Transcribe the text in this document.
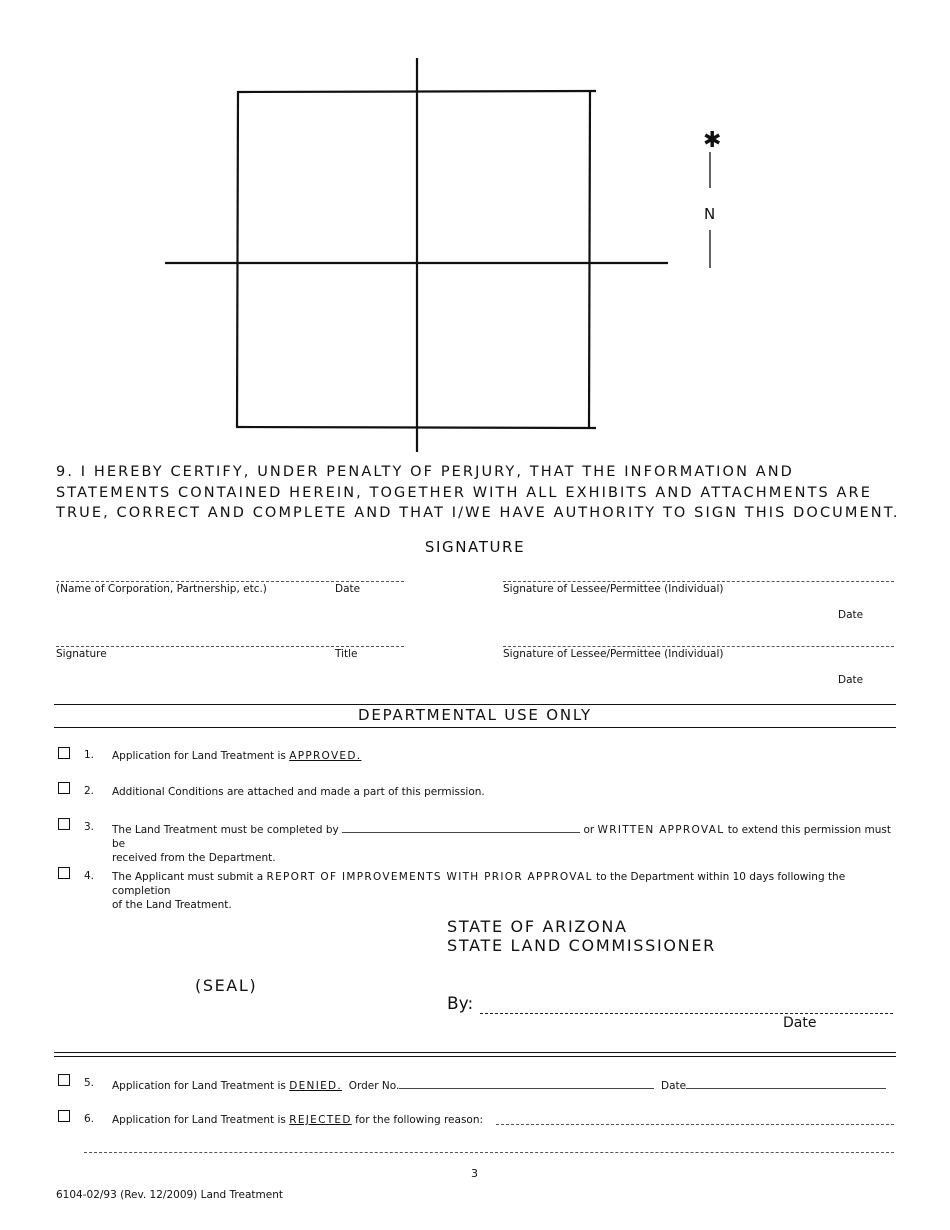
✱
N
9. I HEREBY CERTIFY, UNDER PENALTY OF PERJURY, THAT THE INFORMATION AND STATEMENTS CONTAINED HEREIN, TOGETHER WITH ALL EXHIBITS AND ATTACHMENTS ARE TRUE, CORRECT AND COMPLETE AND THAT I/WE HAVE AUTHORITY TO SIGN THIS DOCUMENT.
SIGNATURE
(Name of Corporation, Partnership, etc.)	Date	Signature of Lessee/Permittee (Individual)
Date
Signature	Title	Signature of Lessee/Permittee (Individual)
Date
DEPARTMENTAL USE ONLY
1. Application for Land Treatment is APPROVED.
2. Additional Conditions are attached and made a part of this permission.
3. The Land Treatment must be completed by	or WRITTEN APPROVAL to extend this permission must be
received from the Department.
4. The Applicant must submit a REPORT OF IMPROVEMENTS WITH PRIOR APPROVAL to the Department within 10 days following the completion
of the Land Treatment.
STATE OF ARIZONA
STATE LAND COMMISSIONER
(SEAL)
By:
Date
5. Application for Land Treatment is DENIED. Order No.	Date
6. Application for Land Treatment is REJECTED for the following reason:
3
6104-02/93 (Rev. 12/2009) Land Treatment
